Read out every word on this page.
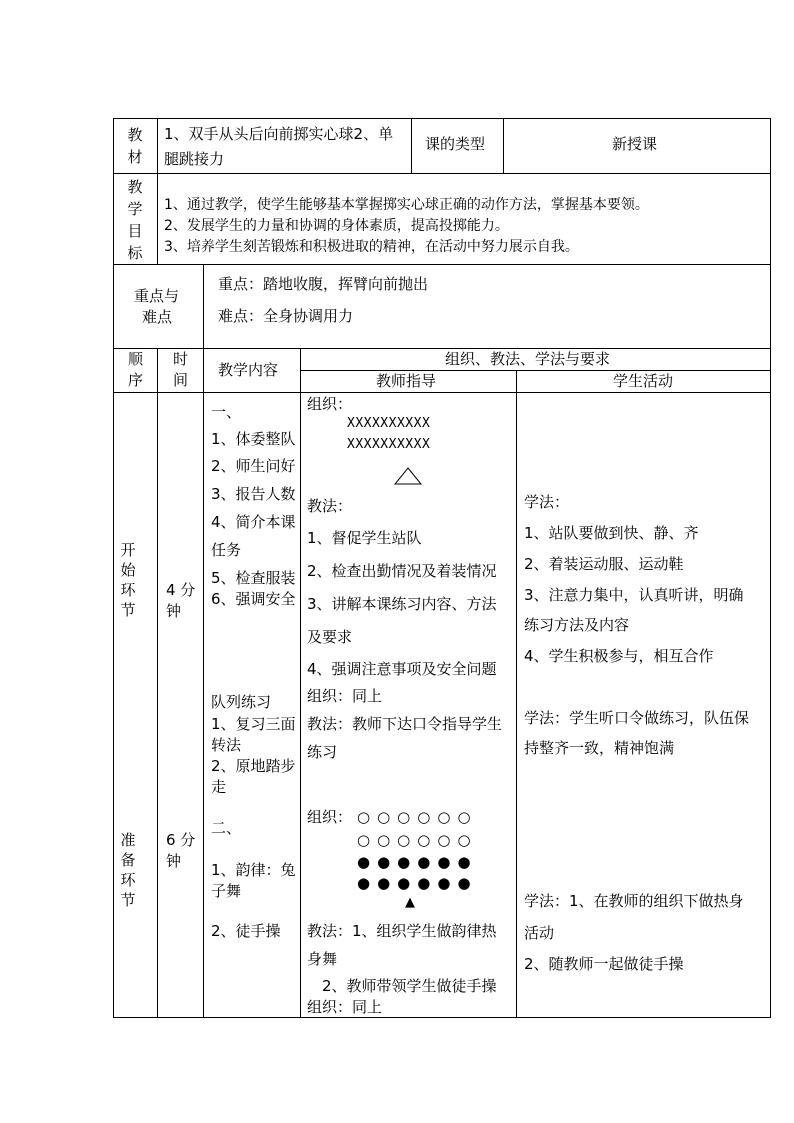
教材
1、双手从头后向前掷实心球2、单
腿跳接力
课的类型	新授课
教学目标
1、通过教学，使学生能够基本掌握掷实心球正确的动作方法，掌握基本要领。
2、发展学生的力量和协调的身体素质，提高投掷能力。
3、培养学生刻苦锻炼和积极进取的精神，在活动中努力展示自我。
重点与
难点
重点：踏地收腹，挥臂向前抛出
难点：全身协调用力
顺
序
时
间
教学内容
组织、教法、学法与要求
教师指导	学生活动
开始环节
4 分
钟
一、
1、体委整队
2、师生问好
3、报告人数
4、简介本课
任务
5、检查服装
6、强调安全
队列练习
1、复习三面
转法
2、原地踏步
走
组织：
XXXXXXXXXX
XXXXXXXXXX
教法：
1、督促学生站队
2、检查出勤情况及着装情况
3、讲解本课练习内容、方法
及要求
4、强调注意事项及安全问题
组织：同上
教法：教师下达口令指导学生
练习
学法：
1、站队要做到快、静、齐
2、着装运动服、运动鞋
3、注意力集中，认真听讲，明确
练习方法及内容
4、学生积极参与，相互合作
学法：学生听口令做练习，队伍保
持整齐一致，精神饱满
准备环节
6 分
钟
二、
1、韵律：兔
子舞
2、徒手操
组织： ○○○○○○
○○○○○○
●●●●●●
●●●●●●
▲
教法：1、组织学生做韵律热
身舞
2、教师带领学生做徒手操
组织：同上
学法：1、在教师的组织下做热身
活动
2、随教师一起做徒手操
